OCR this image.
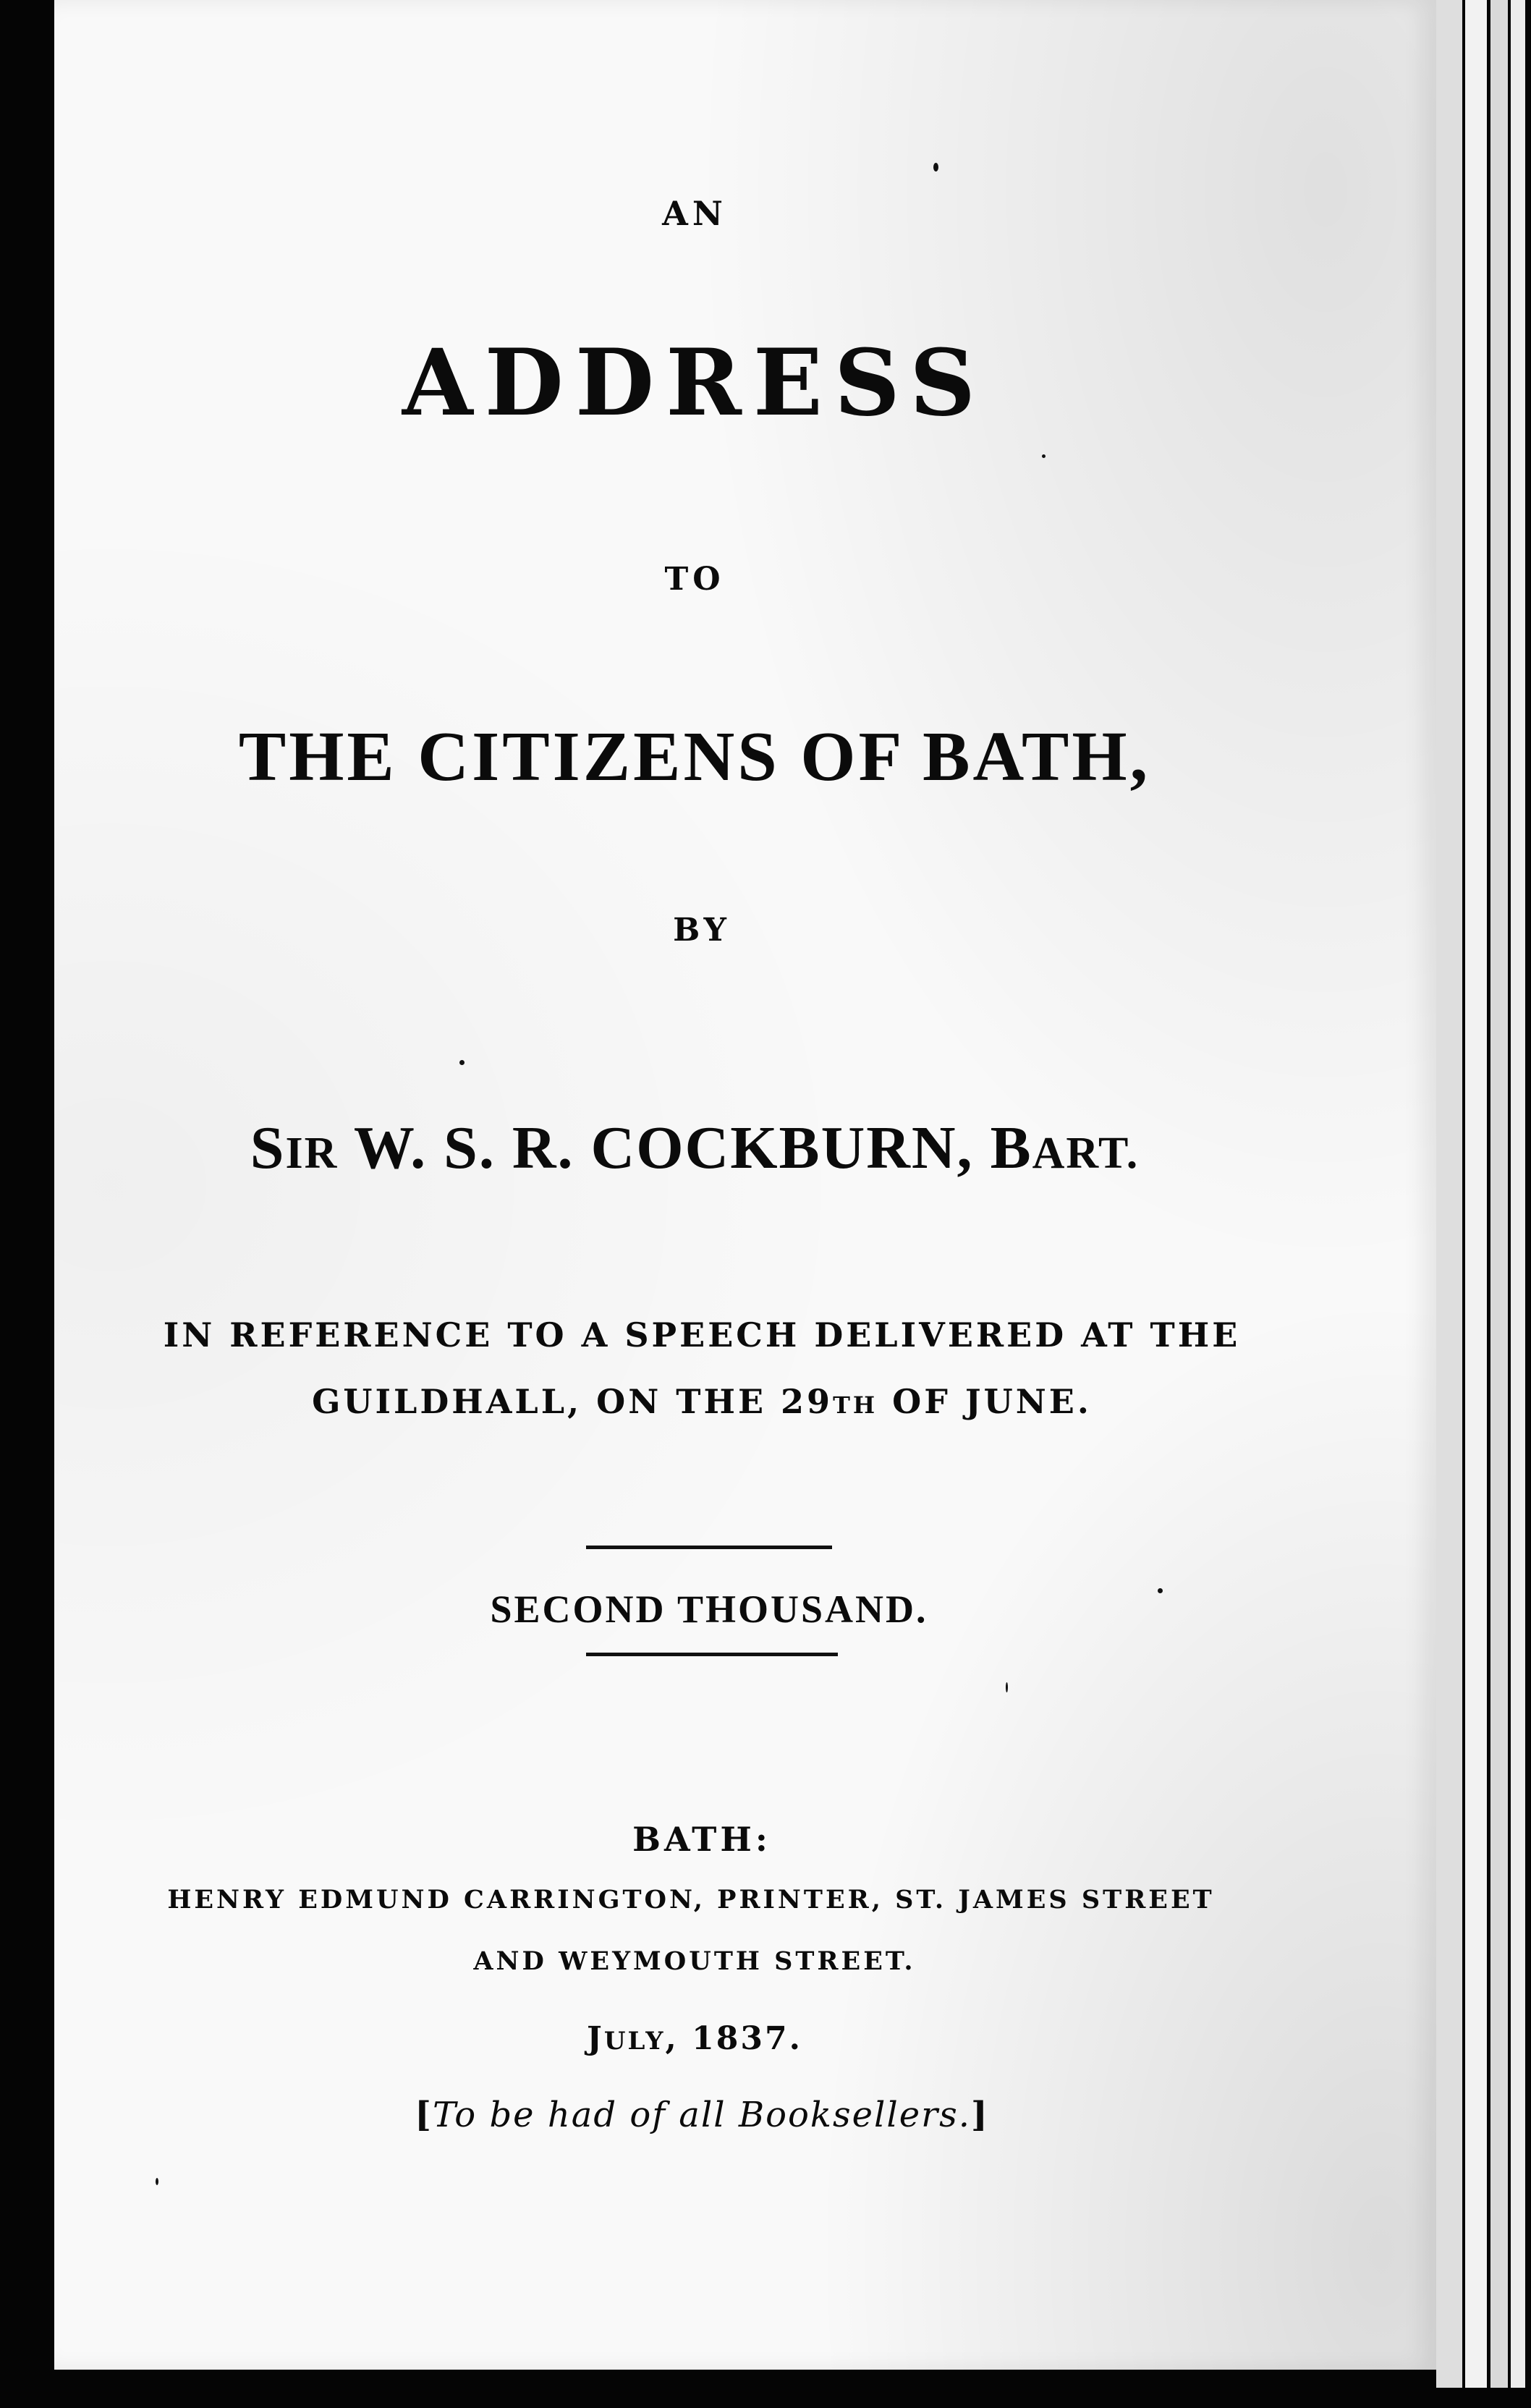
AN
ADDRESS
TO
THE CITIZENS OF BATH,
BY
SIR W. S. R. COCKBURN, BART.
IN REFERENCE TO A SPEECH DELIVERED AT THE
GUILDHALL, ON THE 29TH OF JUNE.
SECOND THOUSAND.
BATH:
HENRY EDMUND CARRINGTON, PRINTER, ST. JAMES STREET
AND WEYMOUTH STREET.
JULY, 1837.
[To be had of all Booksellers.]
